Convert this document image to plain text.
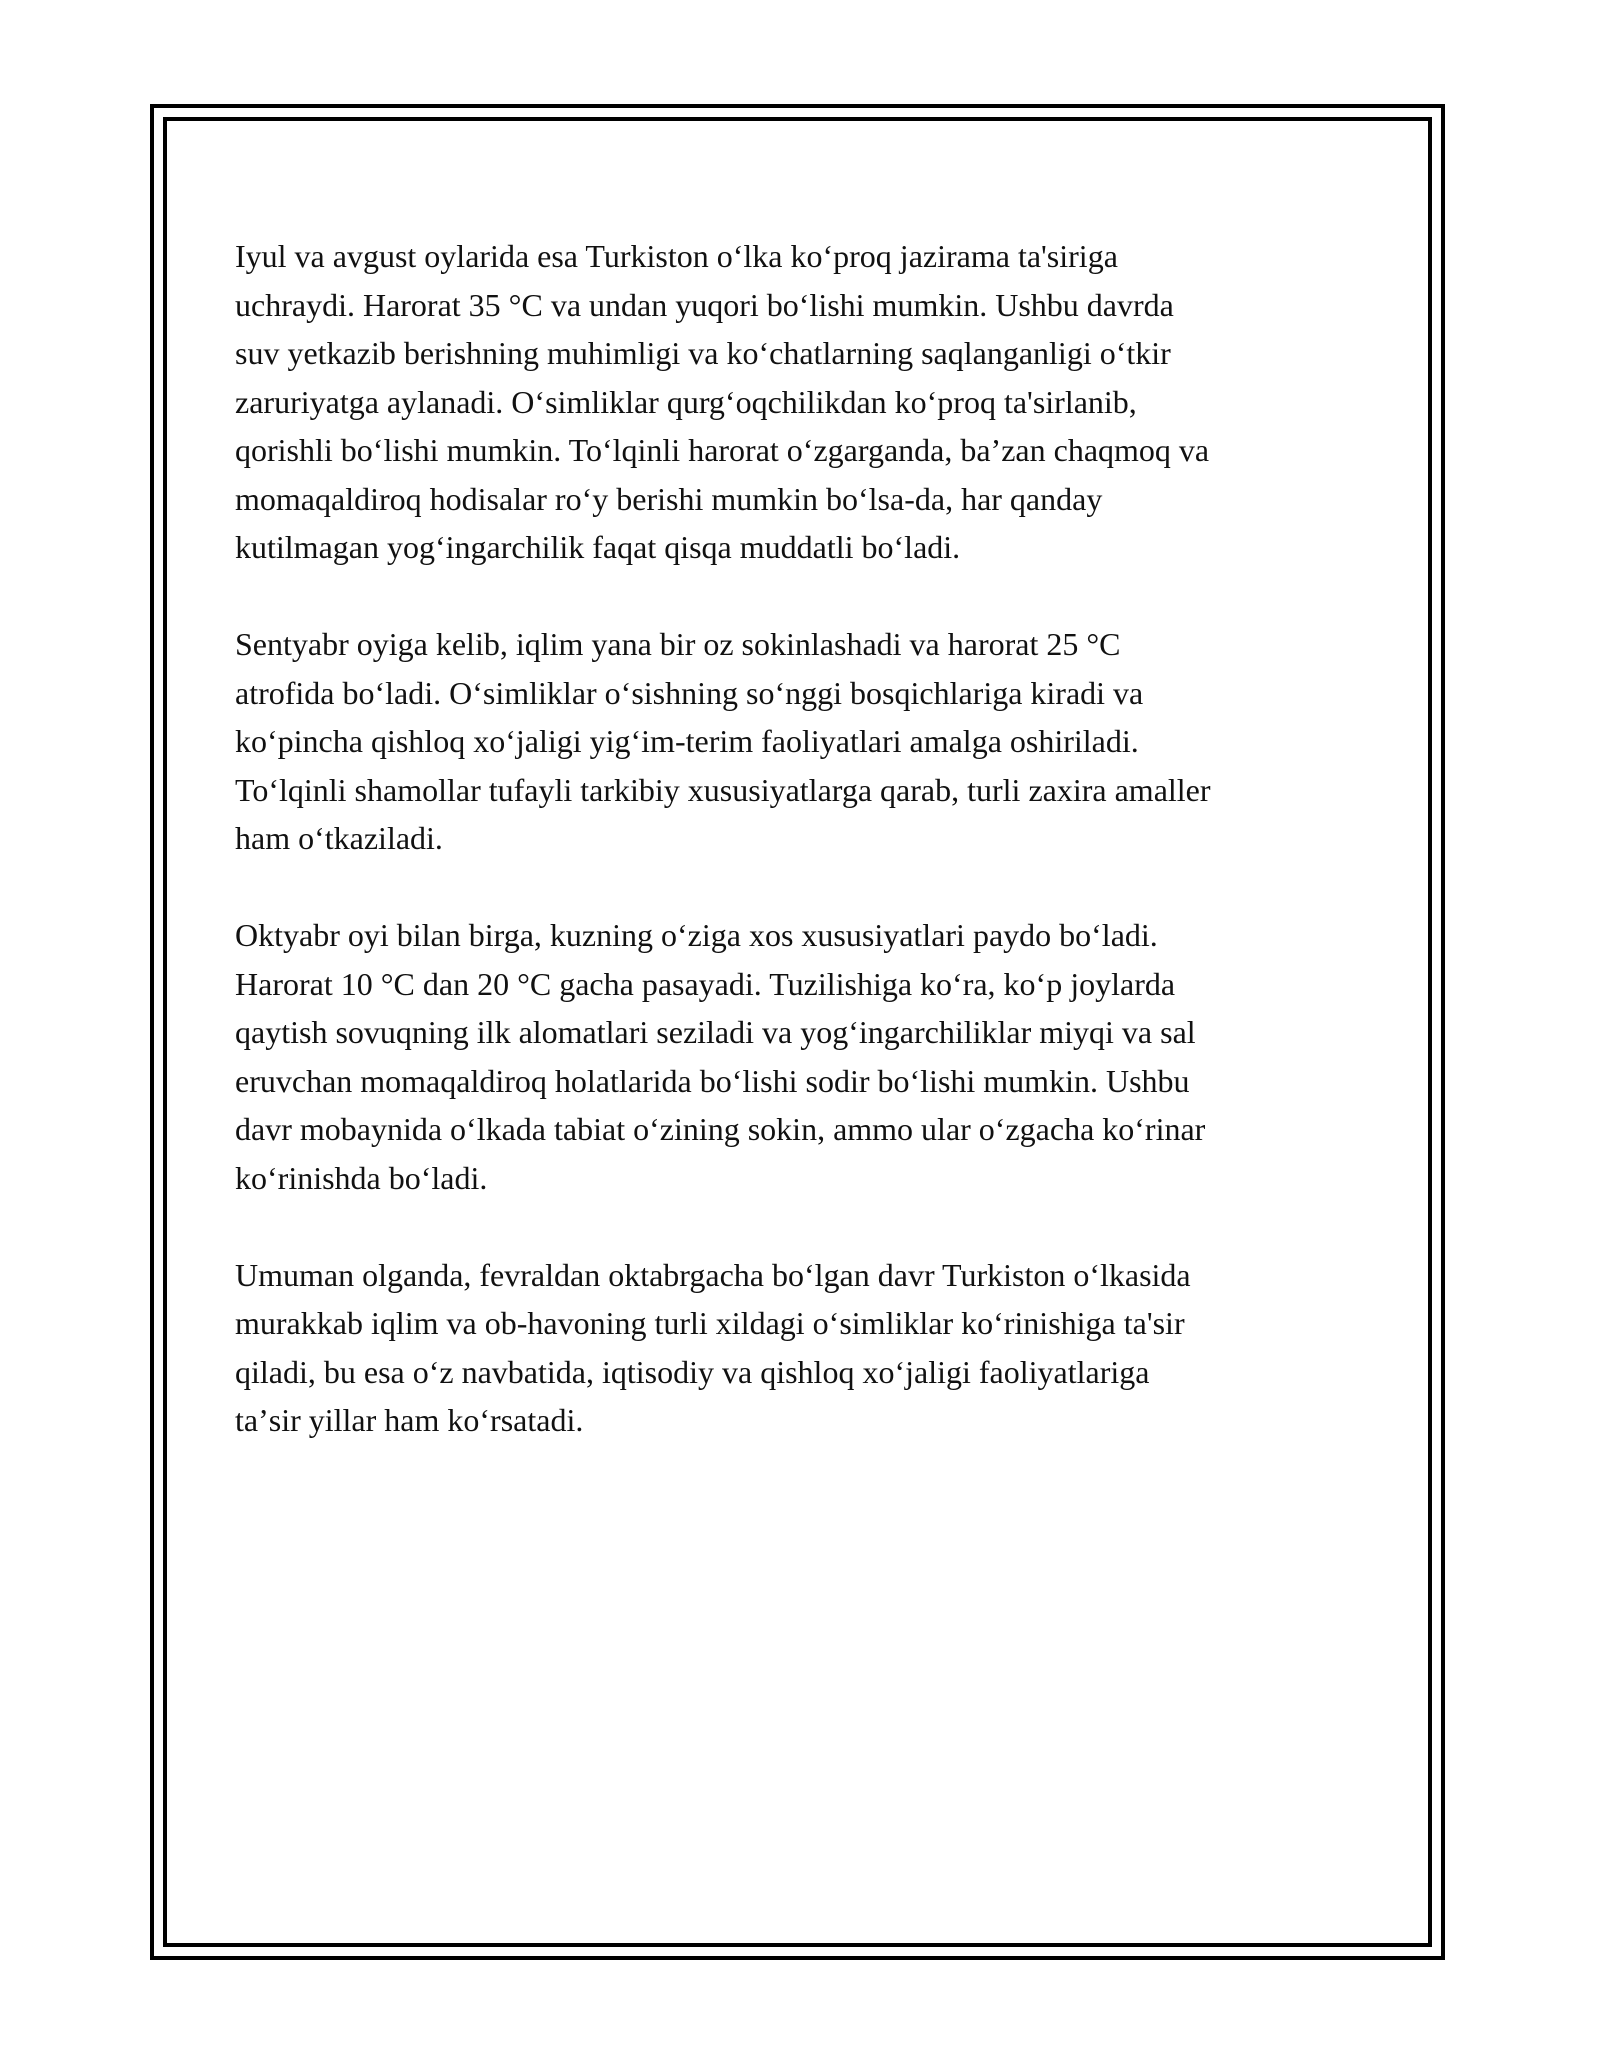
Iyul va avgust oylarida esa Turkiston oʻlka koʻproq jazirama ta'siriga
uchraydi. Harorat 35 °C va undan yuqori boʻlishi mumkin. Ushbu davrda
suv yetkazib berishning muhimligi va koʻchatlarning saqlanganligi oʻtkir
zaruriyatga aylanadi. Oʻsimliklar qurgʻoqchilikdan koʻproq ta'sirlanib,
qorishli boʻlishi mumkin. Toʻlqinli harorat oʻzgarganda, baʼzan chaqmoq va
momaqaldiroq hodisalar roʻy berishi mumkin boʻlsa-da, har qanday
kutilmagan yogʻingarchilik faqat qisqa muddatli boʻladi.

Sentyabr oyiga kelib, iqlim yana bir oz sokinlashadi va harorat 25 °C
atrofida boʻladi. Oʻsimliklar oʻsishning soʻnggi bosqichlariga kiradi va
koʻpincha qishloq xoʻjaligi yigʻim-terim faoliyatlari amalga oshiriladi.
Toʻlqinli shamollar tufayli tarkibiy xususiyatlarga qarab, turli zaxira amaller
ham oʻtkaziladi.

Oktyabr oyi bilan birga, kuzning oʻziga xos xususiyatlari paydo boʻladi.
Harorat 10 °C dan 20 °C gacha pasayadi. Tuzilishiga koʻra, koʻp joylarda
qaytish sovuqning ilk alomatlari seziladi va yogʻingarchiliklar miyqi va sal
eruvchan momaqaldiroq holatlarida boʻlishi sodir boʻlishi mumkin. Ushbu
davr mobaynida oʻlkada tabiat oʻzining sokin, ammo ular oʻzgacha koʻrinar
koʻrinishda boʻladi.

Umuman olganda, fevraldan oktabrgacha boʻlgan davr Turkiston oʻlkasida
murakkab iqlim va ob-havoning turli xildagi oʻsimliklar koʻrinishiga ta'sir
qiladi, bu esa oʻz navbatida, iqtisodiy va qishloq xoʻjaligi faoliyatlariga
taʼsir yillar ham koʻrsatadi.
